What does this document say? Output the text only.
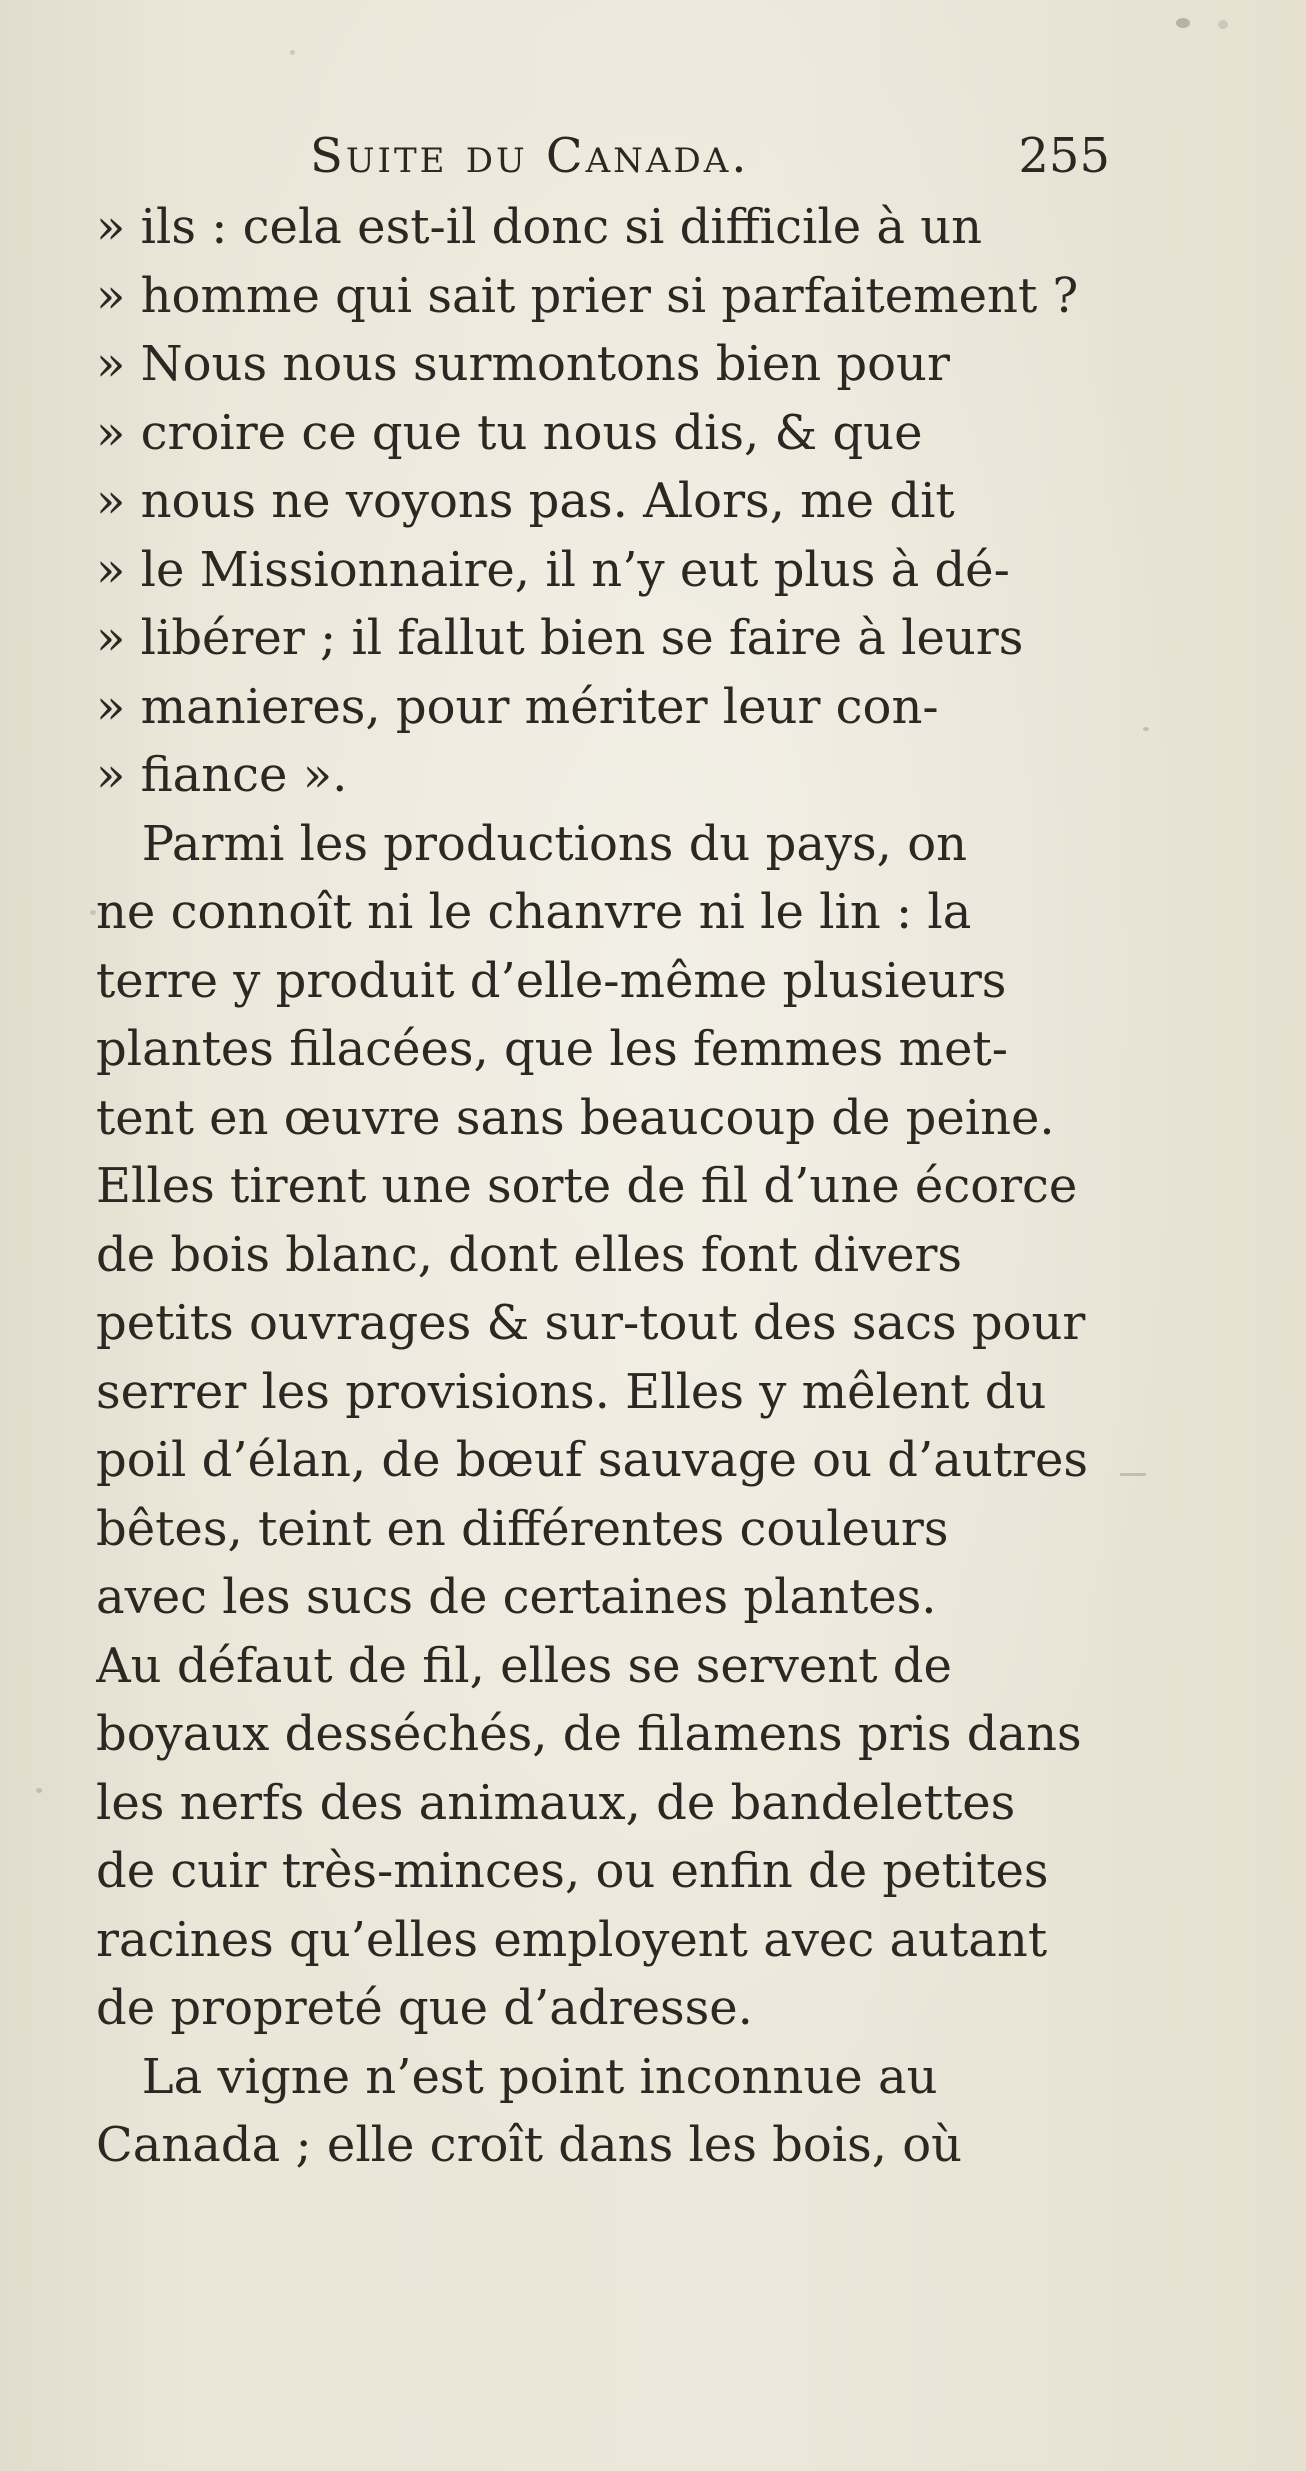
Suite du Canada.	255
» ils : cela est-il donc si difficile à un
» homme qui sait prier si parfaitement ?
» Nous nous surmontons bien pour
» croire ce que tu nous dis, & que
» nous ne voyons pas. Alors, me dit
» le Missionnaire, il n’y eut plus à dé-
» libérer ; il fallut bien se faire à leurs
» manieres, pour mériter leur con-
» fiance ».
Parmi les productions du pays, on
ne connoît ni le chanvre ni le lin : la
terre y produit d’elle-même plusieurs
plantes filacées, que les femmes met-
tent en œuvre sans beaucoup de peine.
Elles tirent une sorte de fil d’une écorce
de bois blanc, dont elles font divers
petits ouvrages & sur-tout des sacs pour
serrer les provisions. Elles y mêlent du
poil d’élan, de bœuf sauvage ou d’autres
bêtes, teint en différentes couleurs
avec les sucs de certaines plantes.
Au défaut de fil, elles se servent de
boyaux desséchés, de filamens pris dans
les nerfs des animaux, de bandelettes
de cuir très-minces, ou enfin de petites
racines qu’elles employent avec autant
de propreté que d’adresse.
La vigne n’est point inconnue au
Canada ; elle croît dans les bois, où
